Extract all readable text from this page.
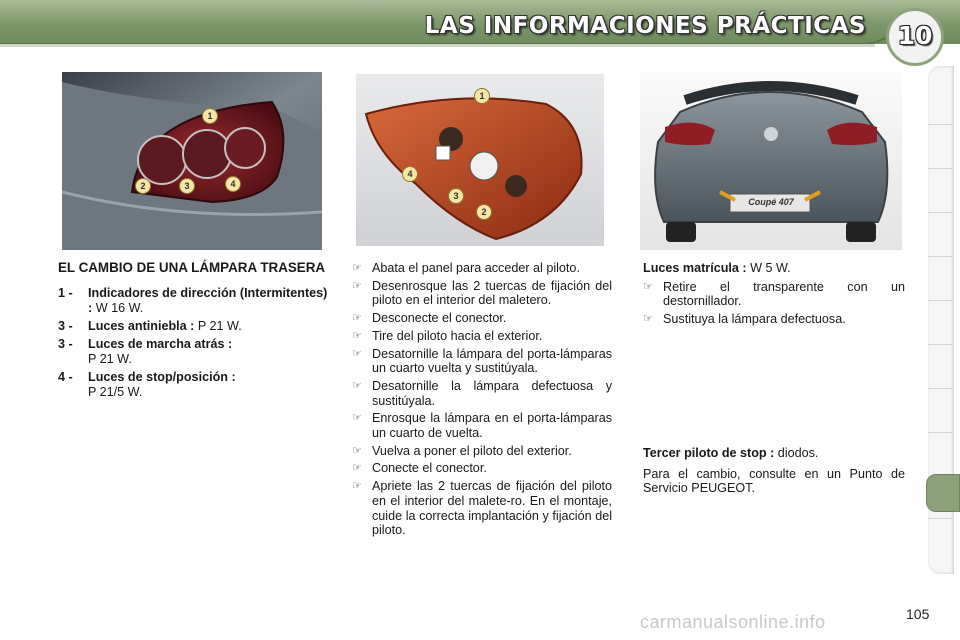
LAS INFORMACIONES PRÁCTICAS	10
1
2	3	4
1
4
3
2
Coupé 407
EL CAMBIO DE UNA LÁMPARA TRASERA
1 -	Indicadores de dirección (Intermitentes) : W 16 W.
3 -	Luces antiniebla : P 21 W.
3 -	Luces de marcha atrás :
P 21 W.
4 -	Luces de stop/posición :
P 21/5 W.
☞ Abata el panel para acceder al piloto.
☞ Desenrosque las 2 tuercas de fijación del piloto en el interior del maletero.
☞ Desconecte el conector.
☞ Tire del piloto hacia el exterior.
☞ Desatornille la lámpara del porta-lámparas un cuarto vuelta y sustitúyala.
☞ Desatornille la lámpara defectuosa y sustitúyala.
☞ Enrosque la lámpara en el porta-lámparas un cuarto de vuelta.
☞ Vuelva a poner el piloto del exterior.
☞ Conecte el conector.
☞ Apriete las 2 tuercas de fijación del piloto en el interior del malete-ro. En el montaje, cuide la correcta implantación y fijación del piloto.
Luces matrícula : W 5 W.
☞ Retire el transparente con un destornillador.
☞ Sustituya la lámpara defectuosa.
Tercer piloto de stop : diodos.
Para el cambio, consulte en un Punto de Servicio PEUGEOT.
carmanualsonline.info	105
